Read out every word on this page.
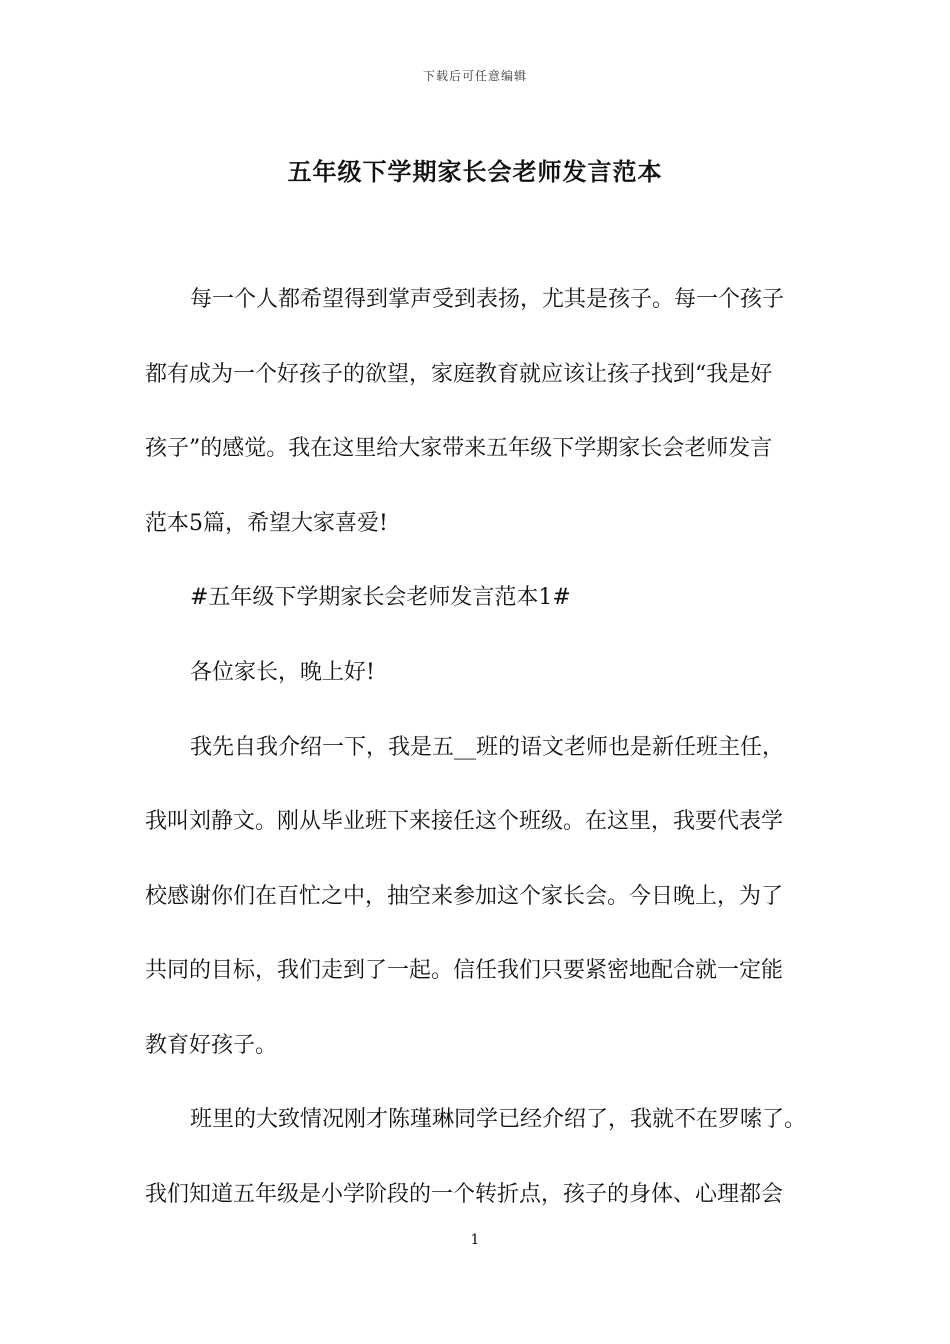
下载后可任意编辑
五年级下学期家长会老师发言范本
每一个人都希望得到掌声受到表扬，尤其是孩子。每一个孩子
都有成为一个好孩子的欲望，家庭教育就应该让孩子找到“我是好
孩子”的感觉。我在这里给大家带来五年级下学期家长会老师发言
范本5篇，希望大家喜爱!
#五年级下学期家长会老师发言范本1#
各位家长，晚上好!
我先自我介绍一下，我是五__班的语文老师也是新任班主任，
我叫刘静文。刚从毕业班下来接任这个班级。在这里，我要代表学
校感谢你们在百忙之中，抽空来参加这个家长会。今日晚上，为了
共同的目标，我们走到了一起。信任我们只要紧密地配合就一定能
教育好孩子。
班里的大致情况刚才陈瑾琳同学已经介绍了，我就不在罗嗦了。
我们知道五年级是小学阶段的一个转折点，孩子的身体、心理都会
1
